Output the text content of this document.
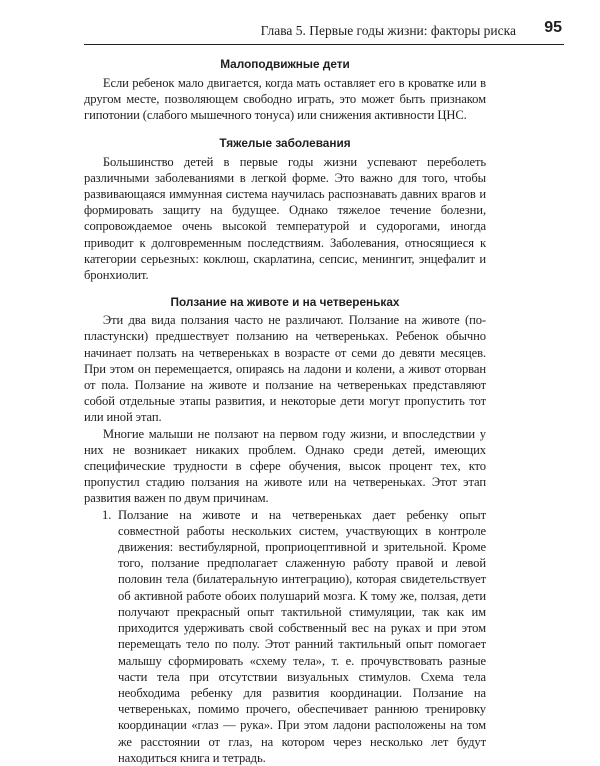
Глава 5. Первые годы жизни: факторы риска 95
Малоподвижные дети

Если ребенок мало двигается, когда мать оставляет его в кроватке или в другом месте, позволяющем свободно играть, это может быть признаком гипотонии (слабого мышечного тонуса) или снижения активности ЦНС.

Тяжелые заболевания

Большинство детей в первые годы жизни успевают переболеть различными заболеваниями в легкой форме. Это важно для того, чтобы развивающаяся иммунная система научилась распознавать давних врагов и формировать защиту на будущее. Однако тяжелое течение болезни, сопровождаемое очень высокой температурой и судорогами, иногда приводит к долговременным последствиям. Заболевания, относящиеся к категории серьезных: коклюш, скарлатина, сепсис, менингит, энцефалит и бронхиолит.

Ползание на животе и на четвереньках

Эти два вида ползания часто не различают. Ползание на животе (по-пластунски) предшествует ползанию на четвереньках. Ребенок обычно начинает ползать на четвереньках в возрасте от семи до девяти месяцев. При этом он перемещается, опираясь на ладони и колени, а живот оторван от пола. Ползание на животе и ползание на четвереньках представляют собой отдельные этапы развития, и некоторые дети могут пропустить тот или иной этап.

Многие малыши не ползают на первом году жизни, и впоследствии у них не возникает никаких проблем. Однако среди детей, имеющих специфические трудности в сфере обучения, высок процент тех, кто пропустил стадию ползания на животе или на четвереньках. Этот этап развития важен по двум причинам.

1. Ползание на животе и на четвереньках дает ребенку опыт совместной работы нескольких систем, участвующих в контроле движения: вестибулярной, проприоцептивной и зрительной. Кроме того, ползание предполагает слаженную работу правой и левой половин тела (билатеральную интеграцию), которая свидетельствует об активной работе обоих полушарий мозга. К тому же, ползая, дети получают прекрасный опыт тактильной стимуляции, так как им приходится удерживать свой собственный вес на руках и при этом перемещать тело по полу. Этот ранний тактильный опыт помогает малышу сформировать «схему тела», т. е. прочувствовать разные части тела при отсутствии визуальных стимулов. Схема тела необходима ребенку для развития координации. Ползание на четвереньках, помимо прочего, обеспечивает раннюю тренировку координации «глаз — рука». При этом ладони расположены на том же расстоянии от глаз, на котором через несколько лет будут находиться книга и тетрадь.
